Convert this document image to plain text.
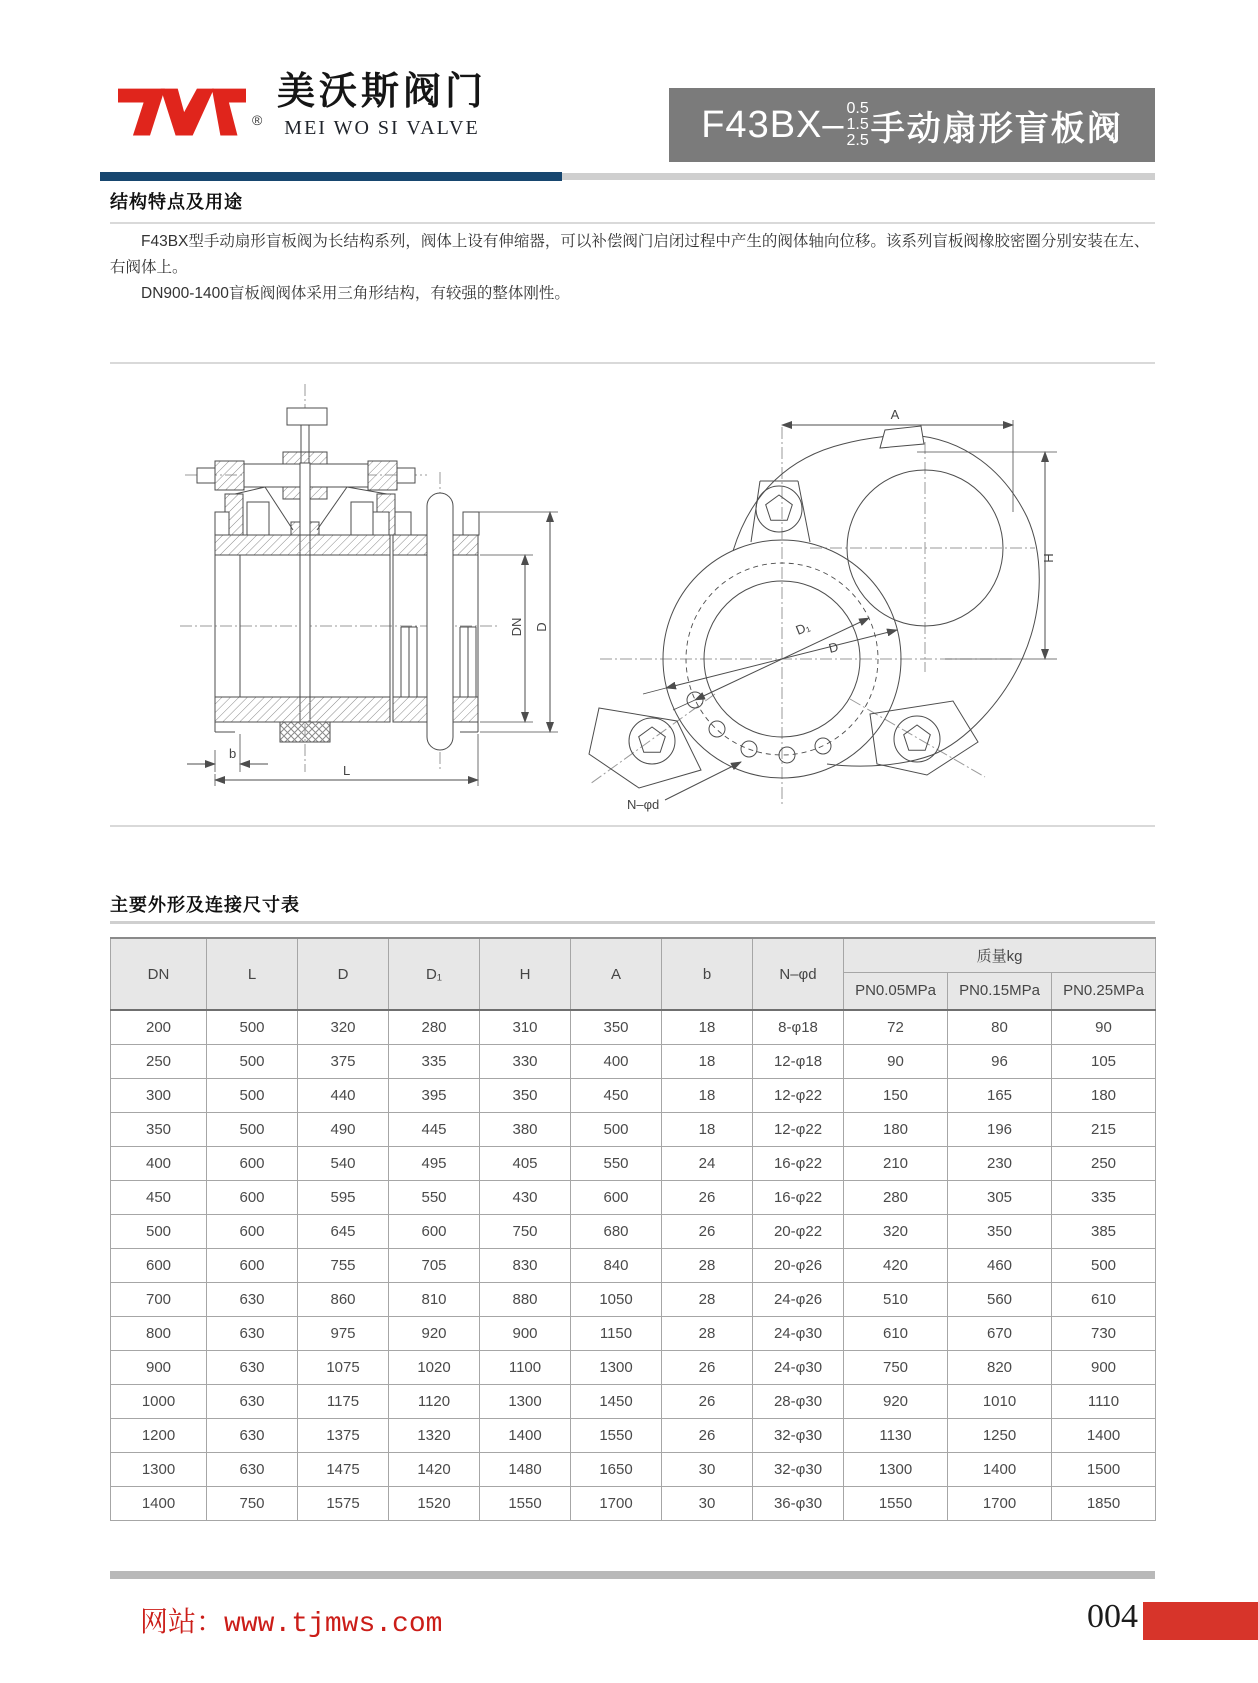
®
美沃斯阀门
MEI WO SI VALVE	F43BX– 0.5
1.5
2.5 手动扇形盲板阀
结构特点及用途

F43BX型手动扇形盲板阀为长结构系列，阀体上设有伸缩器，可以补偿阀门启闭过程中产生的阀体轴向位移。该系列盲板阀橡胶密圈分别安装在左、右阀体上。

DN900-1400盲板阀阀体采用三角形结构，有较强的整体刚性。

b
L
DN D
A
H
D₁
D
N–φd
主要外形及连接尺寸表
DN	L	D	D₁	H	A	b	N–φd	质量kg		
								PN0.05MPa	PN0.15MPa	PN0.25MPa
200	500	320	280	310	350	18	8-φ18	72	80	90
250	500	375	335	330	400	18	12-φ18	90	96	105
300	500	440	395	350	450	18	12-φ22	150	165	180
350	500	490	445	380	500	18	12-φ22	180	196	215
400	600	540	495	405	550	24	16-φ22	210	230	250
450	600	595	550	430	600	26	16-φ22	280	305	335
500	600	645	600	750	680	26	20-φ22	320	350	385
600	600	755	705	830	840	28	20-φ26	420	460	500
700	630	860	810	880	1050	28	24-φ26	510	560	610
800	630	975	920	900	1150	28	24-φ30	610	670	730
900	630	1075	1020	1100	1300	26	24-φ30	750	820	900
1000	630	1175	1120	1300	1450	26	28-φ30	920	1010	1110
1200	630	1375	1320	1400	1550	26	32-φ30	1130	1250	1400
1300	630	1475	1420	1480	1650	30	32-φ30	1300	1400	1500
1400	750	1575	1520	1550	1700	30	36-φ30	1550	1700	1850
网站：www.tjmws.com	004
